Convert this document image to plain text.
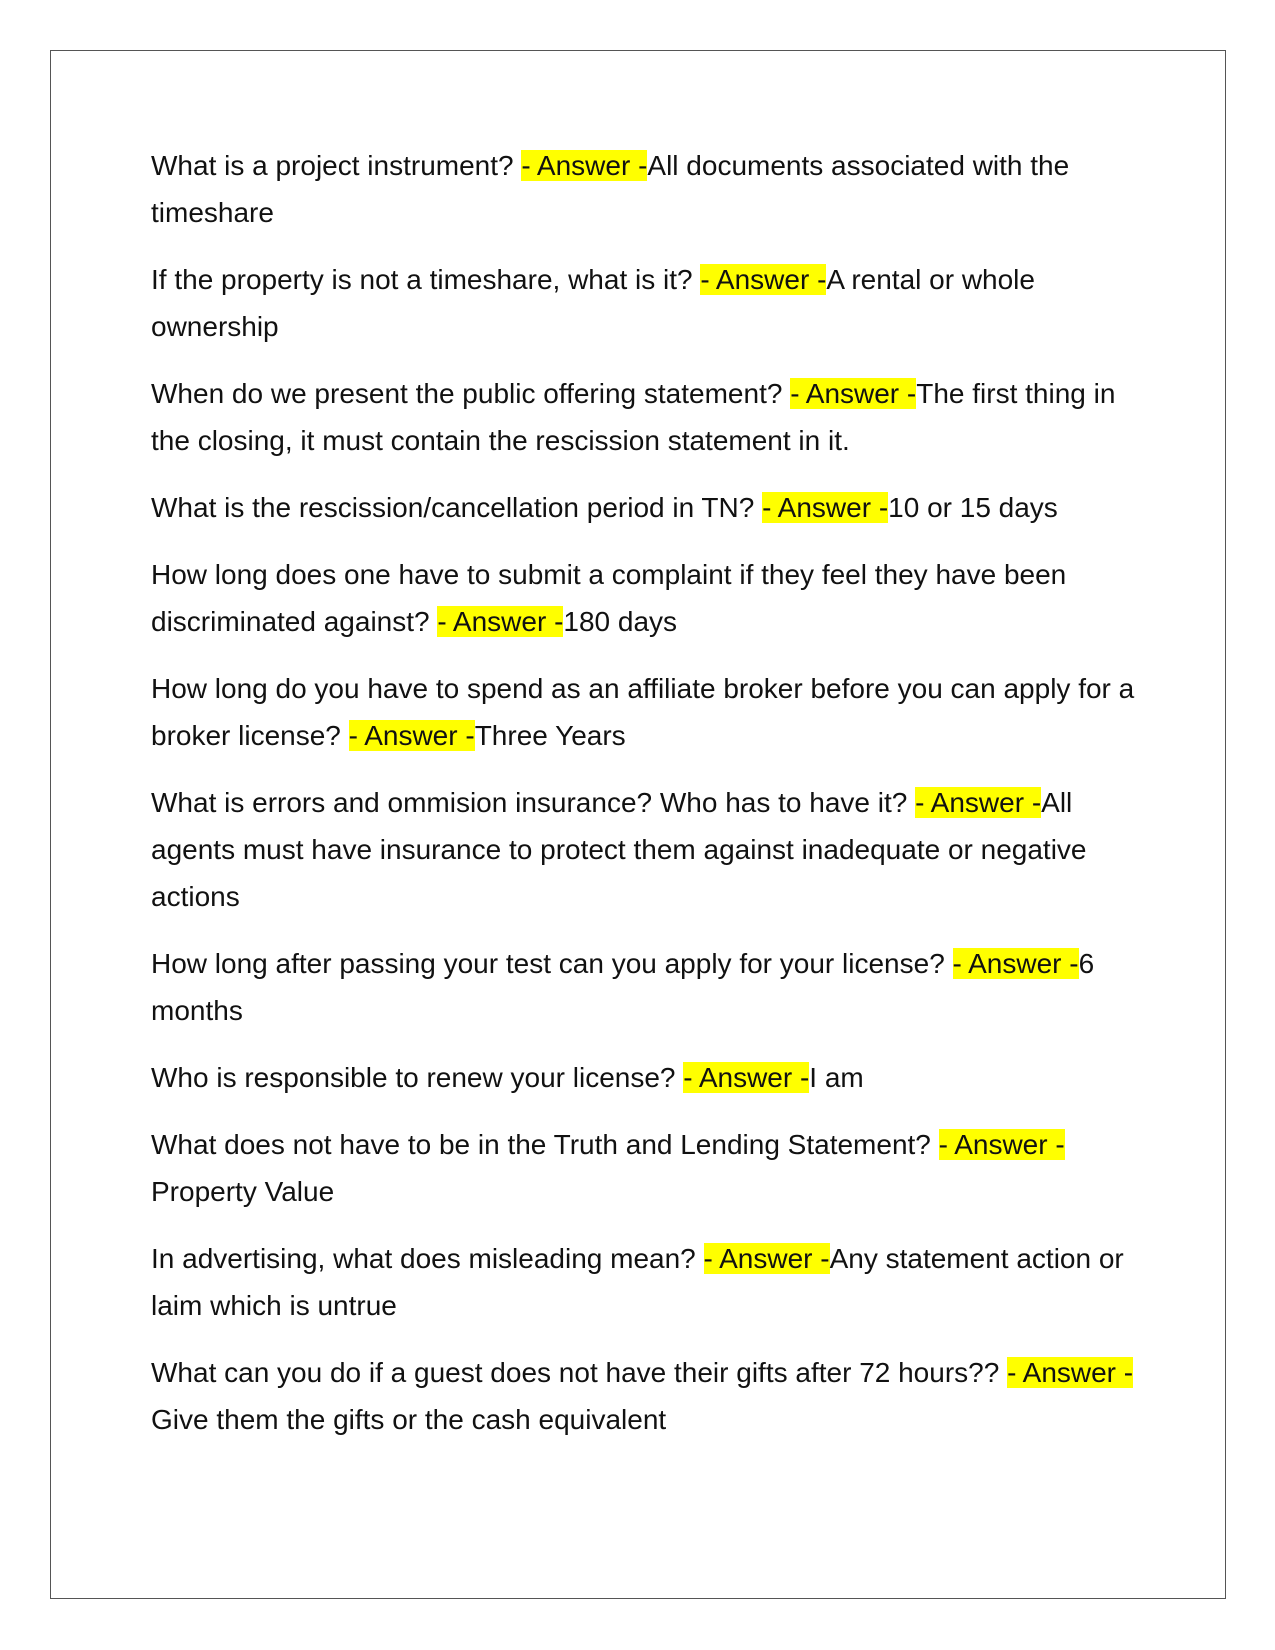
What is a project instrument? - Answer -All documents associated with the timeshare

If the property is not a timeshare, what is it? - Answer -A rental or whole ownership

When do we present the public offering statement? - Answer -The first thing in the closing, it must contain the rescission statement in it.

What is the rescission/cancellation period in TN? - Answer -10 or 15 days

How long does one have to submit a complaint if they feel they have been discriminated against? - Answer -180 days

How long do you have to spend as an affiliate broker before you can apply for a broker license? - Answer -Three Years

What is errors and ommision insurance? Who has to have it? - Answer -All agents must have insurance to protect them against inadequate or negative actions

How long after passing your test can you apply for your license? - Answer -6 months

Who is responsible to renew your license? - Answer -I am

What does not have to be in the Truth and Lending Statement? - Answer -Property Value

In advertising, what does misleading mean? - Answer -Any statement action or laim which is untrue

What can you do if a guest does not have their gifts after 72 hours?? - Answer -Give them the gifts or the cash equivalent
